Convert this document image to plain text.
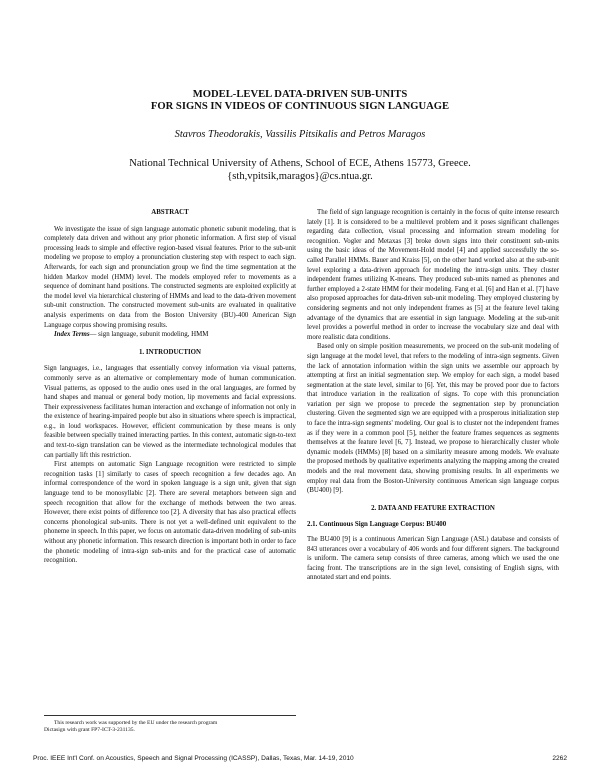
MODEL-LEVEL DATA-DRIVEN SUB-UNITS
FOR SIGNS IN VIDEOS OF CONTINUOUS SIGN LANGUAGE
Stavros Theodorakis, Vassilis Pitsikalis and Petros Maragos
National Technical University of Athens, School of ECE, Athens 15773, Greece.
{sth,vpitsik,maragos}@cs.ntua.gr.
ABSTRACT

We investigate the issue of sign language automatic phonetic subunit modeling, that is completely data driven and without any prior phonetic information. A first step of visual processing leads to simple and effective region-based visual features. Prior to the sub-unit modeling we propose to employ a pronunciation clustering step with respect to each sign. Afterwards, for each sign and pronunciation group we find the time segmentation at the hidden Markov model (HMM) level. The models employed refer to movements as a sequence of dominant hand positions. The constructed segments are exploited explicitly at the model level via hierarchical clustering of HMMs and lead to the data-driven movement sub-unit construction. The constructed movement sub-units are evaluated in qualitative analysis experiments on data from the Boston University (BU)-400 American Sign Language corpus showing promising results.

Index Terms— sign language, subunit modeling, HMM

1. INTRODUCTION

Sign languages, i.e., languages that essentially convey information via visual patterns, commonly serve as an alternative or complementary mode of human communication. Visual patterns, as opposed to the audio ones used in the oral languages, are formed by hand shapes and manual or general body motion, lip movements and facial expressions. Their expressiveness facilitates human interaction and exchange of information not only in the existence of hearing-impaired people but also in situations where speech is impractical, e.g., in loud workspaces. However, efficient communication by these means is only feasible between specially trained interacting parties. In this context, automatic sign-to-text and text-to-sign translation can be viewed as the intermediate technological modules that can partially lift this restriction.

First attempts on automatic Sign Language recognition were restricted to simple recognition tasks [1] similarly to cases of speech recognition a few decades ago. An informal correspondence of the word in spoken language is a sign unit, given that sign language tend to be monosyllabic [2]. There are several metaphors between sign and speech recognition that allow for the exchange of methods between the two areas. However, there exist points of difference too [2]. A diversity that has also practical effects concerns phonological sub-units. There is not yet a well-defined unit equivalent to the phoneme in speech. In this paper, we focus on automatic data-driven modeling of sub-units without any phonetic information. This research direction is important both in order to face the phonetic modeling of intra-sign sub-units and for the practical case of automatic recognition.

The field of sign language recognition is certainly in the focus of quite intense research lately [1]. It is considered to be a multilevel problem and it poses significant challenges regarding data collection, visual processing and information stream modeling for recognition. Vogler and Metaxas [3] broke down signs into their constituent sub-units using the basic ideas of the Movement-Hold model [4] and applied successfully the so-called Parallel HMMs. Bauer and Kraiss [5], on the other hand worked also at the sub-unit level exploring a data-driven approach for modeling the intra-sign units. They cluster independent frames utilizing K-means. They produced sub-units named as phenones and further employed a 2-state HMM for their modeling. Fang et al. [6] and Han et al. [7] have also proposed approaches for data-driven sub-unit modeling. They employed clustering by considering segments and not only independent frames as [5] at the feature level taking advantage of the dynamics that are essential in sign language. Modeling at the sub-unit level provides a powerful method in order to increase the vocabulary size and deal with more realistic data conditions.

Based only on simple position measurements, we proceed on the sub-unit modeling of sign language at the model level, that refers to the modeling of intra-sign segments. Given the lack of annotation information within the sign units we assemble our approach by attempting at first an initial segmentation step. We employ for each sign, a model based segmentation at the state level, similar to [6]. Yet, this may be proved poor due to factors that introduce variation in the realization of signs. To cope with this pronunciation variation per sign we propose to precede the segmentation step by pronunciation clustering. Given the segmented sign we are equipped with a prosperous initialization step to face the intra-sign segments' modeling. Our goal is to cluster not the independent frames as if they were in a common pool [5], neither the feature frames sequences as segments themselves at the feature level [6, 7]. Instead, we propose to hierarchically cluster whole dynamic models (HMMs) [8] based on a similarity measure among models. We evaluate the proposed methods by qualitative experiments analyzing the mapping among the created models and the real movement data, showing promising results. In all experiments we employ real data from the Boston-University continuous American sign language corpus (BU400) [9].

2. DATA AND FEATURE EXTRACTION
2.1. Continuous Sign Language Corpus: BU400

The BU400 [9] is a continuous American Sign Language (ASL) database and consists of 843 utterances over a vocabulary of 406 words and four different signers. The background is uniform. The camera setup consists of three cameras, among which we used the one facing front. The transcriptions are in the sign level, consisting of English signs, with annotated start and end points.

This research work was supported by the EU under the research program
Dictasign with grant FP7-ICT-3-231135.
Proc. IEEE Int'l Conf. on Acoustics, Speech and Signal Processing (ICASSP), Dallas, Texas, Mar. 14-19, 2010	2262
